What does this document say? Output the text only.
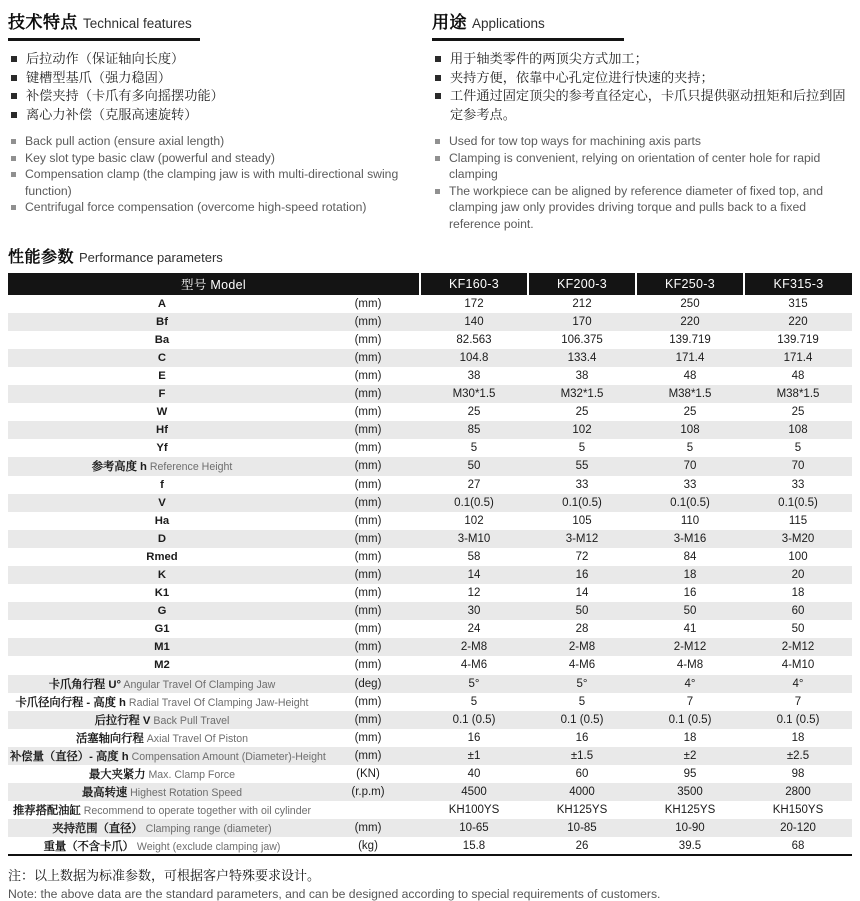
技术特点 Technical features
后拉动作（保证轴向长度）
键槽型基爪（强力稳固）
补偿夹持（卡爪有多向摇摆功能）
离心力补偿（克服高速旋转）
Back pull action (ensure axial length)
Key slot type basic claw (powerful and steady)
Compensation clamp (the clamping jaw is with multi-directional swing function)
Centrifugal force compensation (overcome high-speed rotation)
用途 Applications
用于轴类零件的两顶尖方式加工；
夹持方便，依靠中心孔定位进行快速的夹持；
工件通过固定顶尖的参考直径定心，卡爪只提供驱动扭矩和后拉到固定参考点。
Used for tow top ways for machining axis parts
Clamping is convenient, relying on orientation of center hole for rapid clamping
The workpiece can be aligned by reference diameter of fixed top, and clamping jaw only provides driving torque and pulls back to a fixed reference point.
性能参数 Performance parameters
型号 Model		KF160-3	KF200-3	KF250-3	KF315-3
A	(mm)	172	212	250	315
Bf	(mm)	140	170	220	220
Ba	(mm)	82.563	106.375	139.719	139.719
C	(mm)	104.8	133.4	171.4	171.4
E	(mm)	38	38	48	48
F	(mm)	M30*1.5	M32*1.5	M38*1.5	M38*1.5
W	(mm)	25	25	25	25
Hf	(mm)	85	102	108	108
Yf	(mm)	5	5	5	5
参考高度 h Reference Height	(mm)	50	55	70	70
f	(mm)	27	33	33	33
V	(mm)	0.1(0.5)	0.1(0.5)	0.1(0.5)	0.1(0.5)
Ha	(mm)	102	105	110	115
D	(mm)	3-M10	3-M12	3-M16	3-M20
Rmed	(mm)	58	72	84	100
K	(mm)	14	16	18	20
K1	(mm)	12	14	16	18
G	(mm)	30	50	50	60
G1	(mm)	24	28	41	50
M1	(mm)	2-M8	2-M8	2-M12	2-M12
M2	(mm)	4-M6	4-M6	4-M8	4-M10
卡爪角行程 U° Angular Travel Of Clamping Jaw	(deg)	5°	5°	4°	4°
卡爪径向行程 - 高度 h Radial Travel Of Clamping Jaw-Height	(mm)	5	5	7	7
后拉行程 V Back Pull Travel	(mm)	0.1 (0.5)	0.1 (0.5)	0.1 (0.5)	0.1 (0.5)
活塞轴向行程 Axial Travel Of Piston	(mm)	16	16	18	18
补偿量（直径）- 高度 h Compensation Amount (Diameter)-Height	(mm)	±1	±1.5	±2	±2.5
最大夹紧力 Max. Clamp Force	(KN)	40	60	95	98
最高转速 Highest Rotation Speed	(r.p.m)	4500	4000	3500	2800
推荐搭配油缸 Recommend to operate together with oil cylinder		KH100YS	KH125YS	KH125YS	KH150YS
夹持范围（直径） Clamping range (diameter)	(mm)	10-65	10-85	10-90	20-120
重量（不含卡爪） Weight (exclude clamping jaw)	(kg)	15.8	26	39.5	68
注：以上数据为标准参数，可根据客户特殊要求设计。
Note: the above data are the standard parameters, and can be designed according to special requirements of customers.
